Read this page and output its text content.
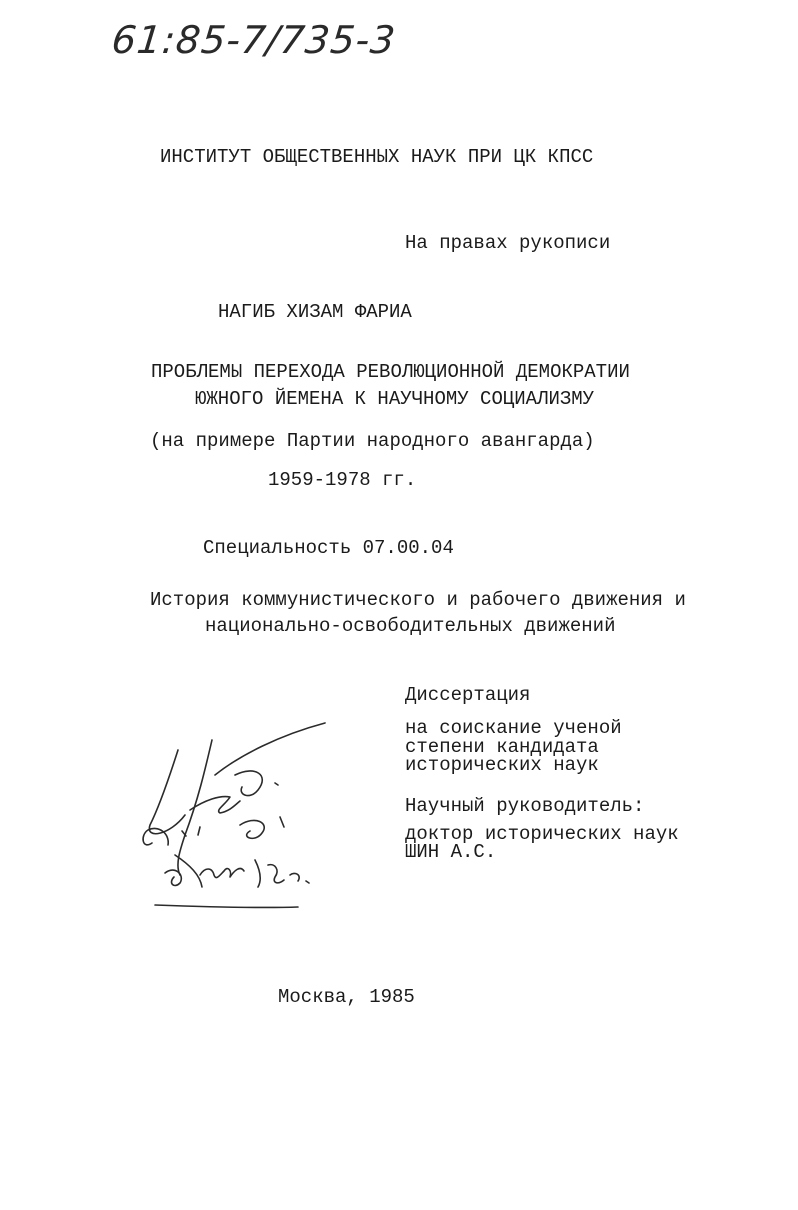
61:85-7/735-3
ИНСТИТУТ ОБЩЕСТВЕННЫХ НАУК ПРИ ЦК КПСС
На правах рукописи
НАГИБ ХИЗАМ ФАРИА
ПРОБЛЕМЫ ПЕРЕХОДА РЕВОЛЮЦИОННОЙ ДЕМОКРАТИИ
ЮЖНОГО ЙЕМЕНА К НАУЧНОМУ СОЦИАЛИЗМУ
(на примере Партии народного авангарда)
1959-1978 гг.
Специальность 07.00.04
История коммунистического и рабочего движения и
национально-освободительных движений
Диссертация
на соискание ученой
степени кандидата
исторических наук
Научный руководитель:
доктор исторических наук
ШИН А.С.
Москва, 1985
